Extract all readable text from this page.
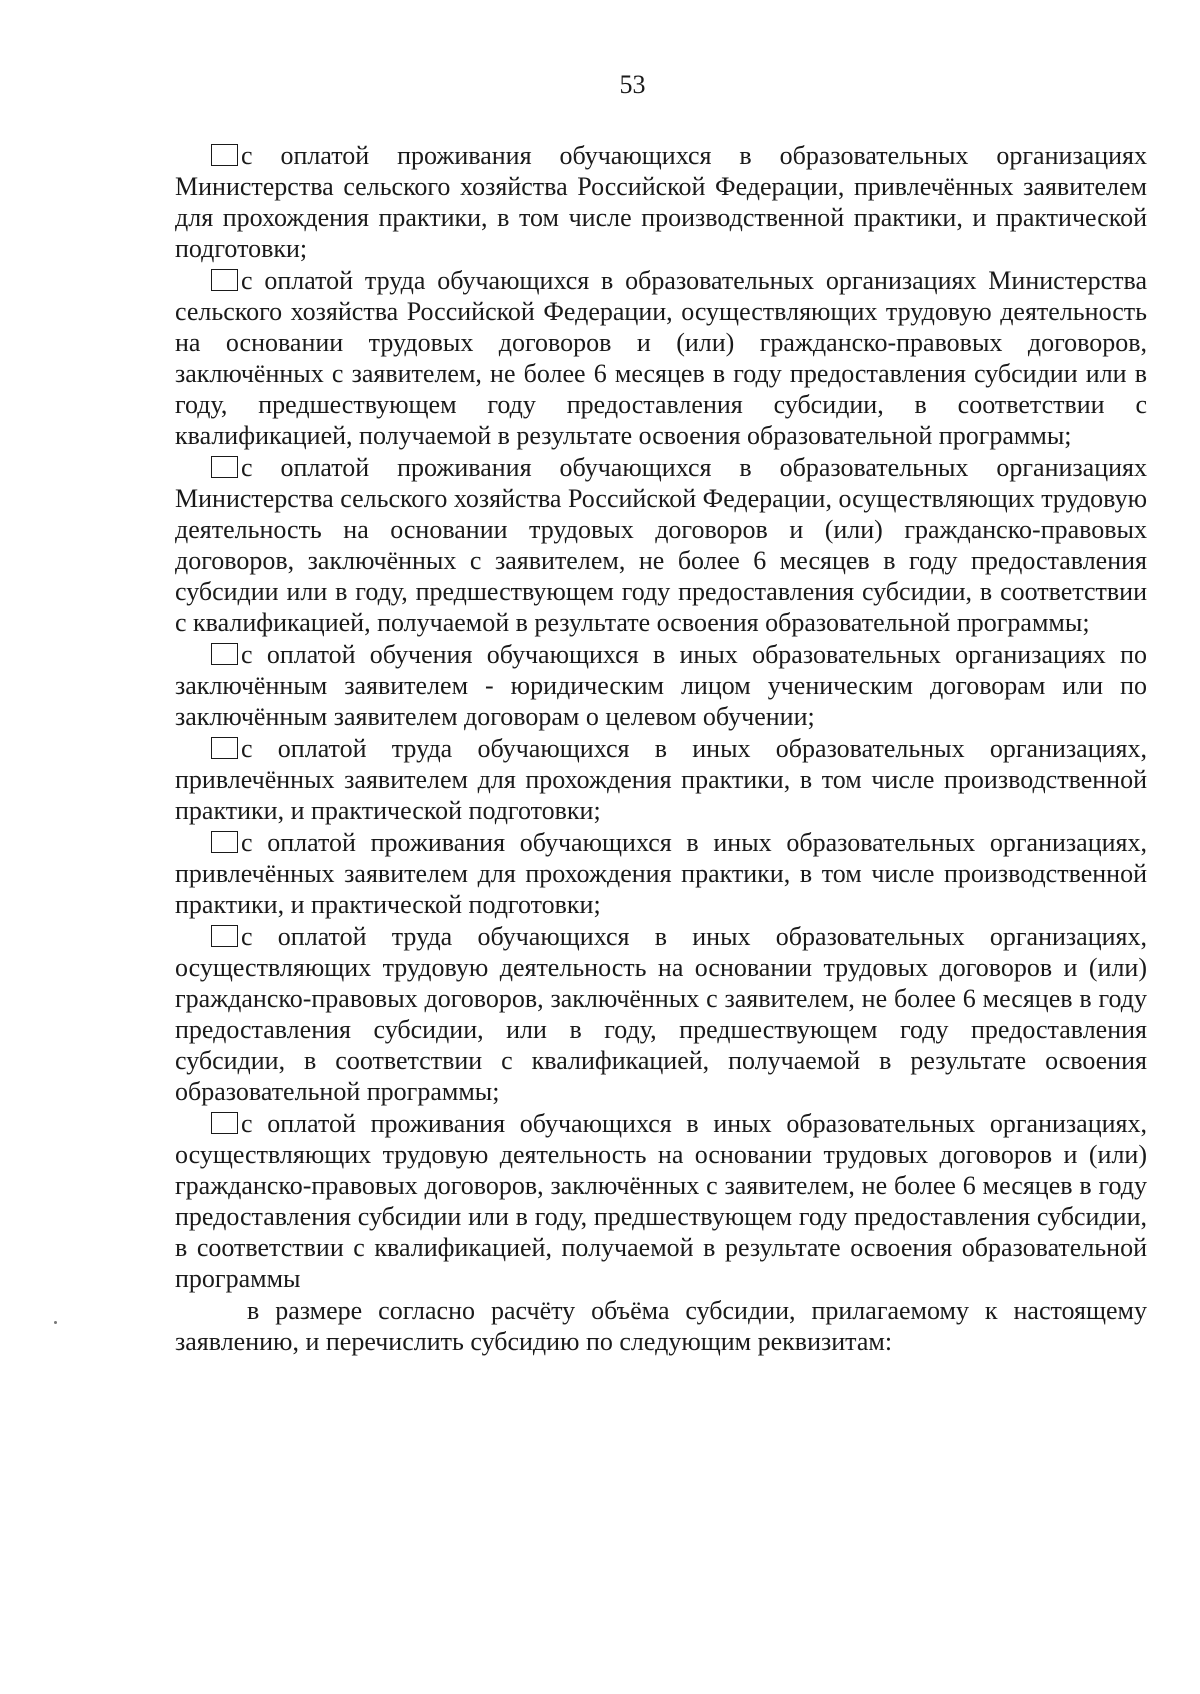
53

с оплатой проживания обучающихся в образовательных организациях Министерства сельского хозяйства Российской Федерации, привлечённых заявителем для прохождения практики, в том числе производственной практики, и практической подготовки;

с оплатой труда обучающихся в образовательных организациях Министерства сельского хозяйства Российской Федерации, осуществляющих трудовую деятельность на основании трудовых договоров и (или) гражданско-правовых договоров, заключённых с заявителем, не более 6 месяцев в году предоставления субсидии или в году, предшествующем году предоставления субсидии, в соответствии с квалификацией, получаемой в результате освоения образовательной программы;

с оплатой проживания обучающихся в образовательных организациях Министерства сельского хозяйства Российской Федерации, осуществляющих трудовую деятельность на основании трудовых договоров и (или) гражданско-правовых договоров, заключённых с заявителем, не более 6 месяцев в году предоставления субсидии или в году, предшествующем году предоставления субсидии, в соответствии с квалификацией, получаемой в результате освоения образовательной программы;

с оплатой обучения обучающихся в иных образовательных организациях по заключённым заявителем - юридическим лицом ученическим договорам или по заключённым заявителем договорам о целевом обучении;

с оплатой труда обучающихся в иных образовательных организациях, привлечённых заявителем для прохождения практики, в том числе производственной практики, и практической подготовки;

с оплатой проживания обучающихся в иных образовательных организациях, привлечённых заявителем для прохождения практики, в том числе производственной практики, и практической подготовки;

с оплатой труда обучающихся в иных образовательных организациях, осуществляющих трудовую деятельность на основании трудовых договоров и (или) гражданско-правовых договоров, заключённых с заявителем, не более 6 месяцев в году предоставления субсидии, или в году, предшествующем году предоставления субсидии, в соответствии с квалификацией, получаемой в результате освоения образовательной программы;

с оплатой проживания обучающихся в иных образовательных организациях, осуществляющих трудовую деятельность на основании трудовых договоров и (или) гражданско-правовых договоров, заключённых с заявителем, не более 6 месяцев в году предоставления субсидии или в году, предшествующем году предоставления субсидии, в соответствии с квалификацией, получаемой в результате освоения образовательной программы

в размере согласно расчёту объёма субсидии, прилагаемому к настоящему заявлению, и перечислить субсидию по следующим реквизитам:
